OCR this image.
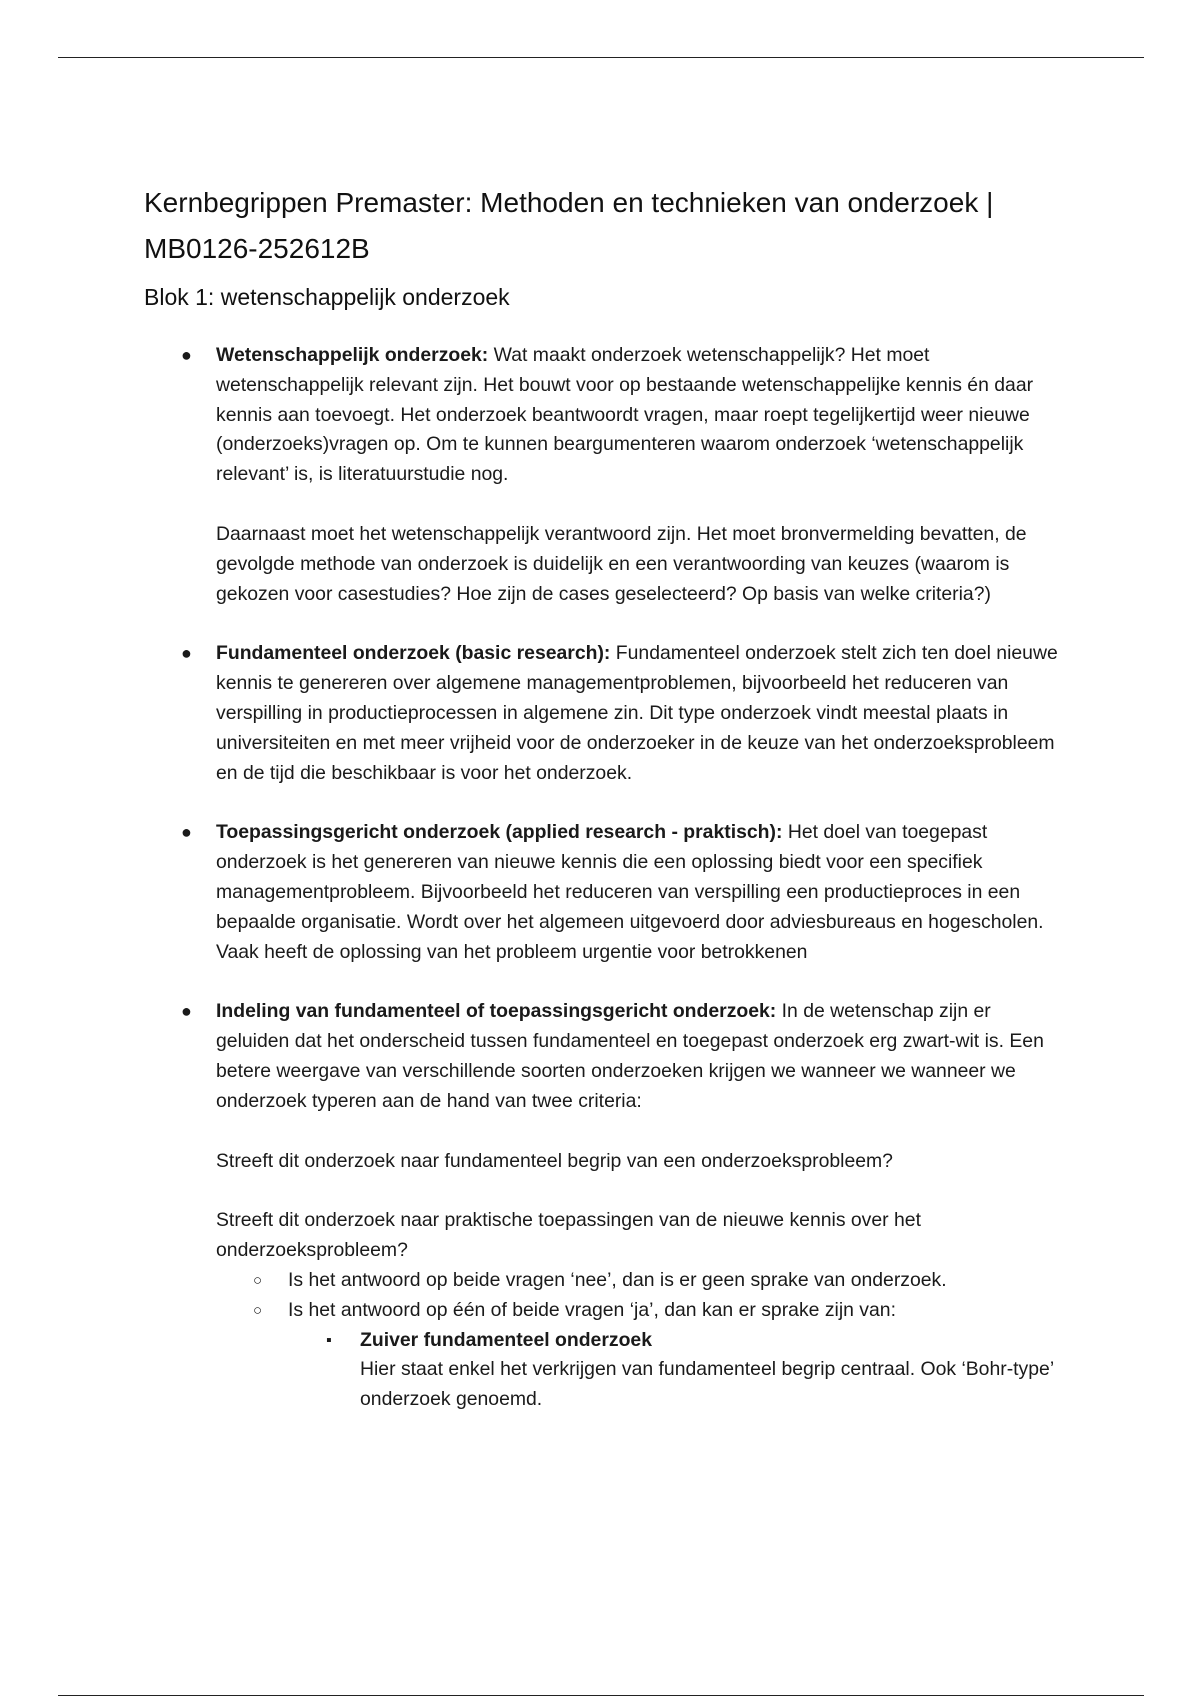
Kernbegrippen Premaster: Methoden en technieken van onderzoek | MB0126-252612B
Blok 1: wetenschappelijk onderzoek
● Wetenschappelijk onderzoek: Wat maakt onderzoek wetenschappelijk? Het moet wetenschappelijk relevant zijn. Het bouwt voor op bestaande wetenschappelijke kennis én daar kennis aan toevoegt. Het onderzoek beantwoordt vragen, maar roept tegelijkertijd weer nieuwe (onderzoeks)vragen op. Om te kunnen beargumenteren waarom onderzoek ‘wetenschappelijk relevant’ is, is literatuurstudie nog.

Daarnaast moet het wetenschappelijk verantwoord zijn. Het moet bronvermelding bevatten, de gevolgde methode van onderzoek is duidelijk en een verantwoording van keuzes (waarom is gekozen voor casestudies? Hoe zijn de cases geselecteerd? Op basis van welke criteria?)

● Fundamenteel onderzoek (basic research): Fundamenteel onderzoek stelt zich ten doel nieuwe kennis te genereren over algemene managementproblemen, bijvoorbeeld het reduceren van verspilling in productieprocessen in algemene zin. Dit type onderzoek vindt meestal plaats in universiteiten en met meer vrijheid voor de onderzoeker in de keuze van het onderzoeksprobleem en de tijd die beschikbaar is voor het onderzoek.

● Toepassingsgericht onderzoek (applied research - praktisch): Het doel van toegepast onderzoek is het genereren van nieuwe kennis die een oplossing biedt voor een specifiek managementprobleem. Bijvoorbeeld het reduceren van verspilling een productieproces in een bepaalde organisatie. Wordt over het algemeen uitgevoerd door adviesbureaus en hogescholen. Vaak heeft de oplossing van het probleem urgentie voor betrokkenen

● Indeling van fundamenteel of toepassingsgericht onderzoek: In de wetenschap zijn er geluiden dat het onderscheid tussen fundamenteel en toegepast onderzoek erg zwart-wit is. Een betere weergave van verschillende soorten onderzoeken krijgen we wanneer we wanneer we onderzoek typeren aan de hand van twee criteria:

Streeft dit onderzoek naar fundamenteel begrip van een onderzoeksprobleem?

Streeft dit onderzoek naar praktische toepassingen van de nieuwe kennis over het onderzoeksprobleem?

○ Is het antwoord op beide vragen ‘nee’, dan is er geen sprake van onderzoek.
○ Is het antwoord op één of beide vragen ‘ja’, dan kan er sprake zijn van:
▪ Zuiver fundamenteel onderzoek
Hier staat enkel het verkrijgen van fundamenteel begrip centraal. Ook ‘Bohr-type’ onderzoek genoemd.
